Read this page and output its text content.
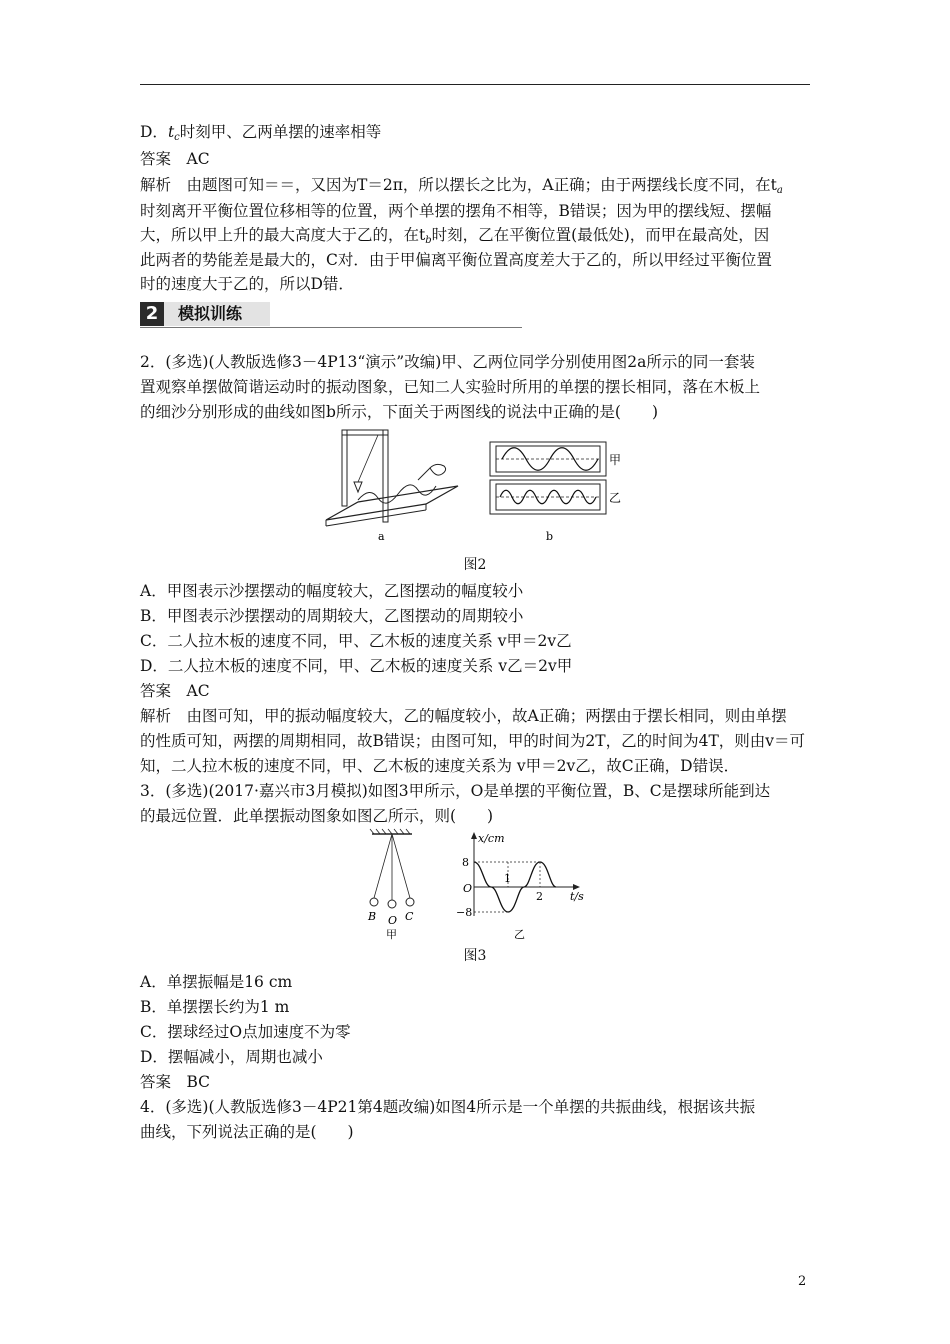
D．$t_c$时刻甲、乙两单摆的速率相等
答案　AC
解析　由题图可知＝＝，又因为T＝2π，所以摆长之比为，A正确；由于两摆线长度不同，在$t_a$
时刻离开平衡位置位移相等的位置，两个单摆的摆角不相等，B错误；因为甲的摆线短、摆幅
大，所以甲上升的最大高度大于乙的，在$t_b$时刻，乙在平衡位置(最低处)，而甲在最高处，因
此两者的势能差是最大的，C对．由于甲偏离平衡位置高度差大于乙的，所以甲经过平衡位置
时的速度大于乙的，所以D错．
2	模拟训练
2．(多选)(人教版选修3－4P13“演示”改编)甲、乙两位同学分别使用图2a所示的同一套装
置观察单摆做简谐运动时的振动图象，已知二人实验时所用的单摆的摆长相同，落在木板上
的细沙分别形成的曲线如图b所示，下面关于两图线的说法中正确的是(　　)
a
甲
乙
b
图2
A．甲图表示沙摆摆动的幅度较大，乙图摆动的幅度较小
B．甲图表示沙摆摆动的周期较大，乙图摆动的周期较小
C．二人拉木板的速度不同，甲、乙木板的速度关系 v甲＝2v乙
D．二人拉木板的速度不同，甲、乙木板的速度关系 v乙＝2v甲
答案　AC
解析　由图可知，甲的振动幅度较大，乙的幅度较小，故A正确；两摆由于摆长相同，则由单摆
的性质可知，两摆的周期相同，故B错误；由图可知，甲的时间为2T，乙的时间为4T，则由v＝可
知，二人拉木板的速度不同，甲、乙木板的速度关系为 v甲＝2v乙，故C正确，D错误．
3．(多选)(2017·嘉兴市3月模拟)如图3甲所示，O是单摆的平衡位置，B、C是摆球所能到达
的最远位置．此单摆振动图象如图乙所示，则(　　)
B O C
甲
x/cm
8
−8
O
1
2 t/s
乙
图3
A．单摆振幅是16 cm
B．单摆摆长约为1 m
C．摆球经过O点加速度不为零
D．摆幅减小，周期也减小
答案　BC
4．(多选)(人教版选修3－4P21第4题改编)如图4所示是一个单摆的共振曲线，根据该共振
曲线，下列说法正确的是(　　)
2
